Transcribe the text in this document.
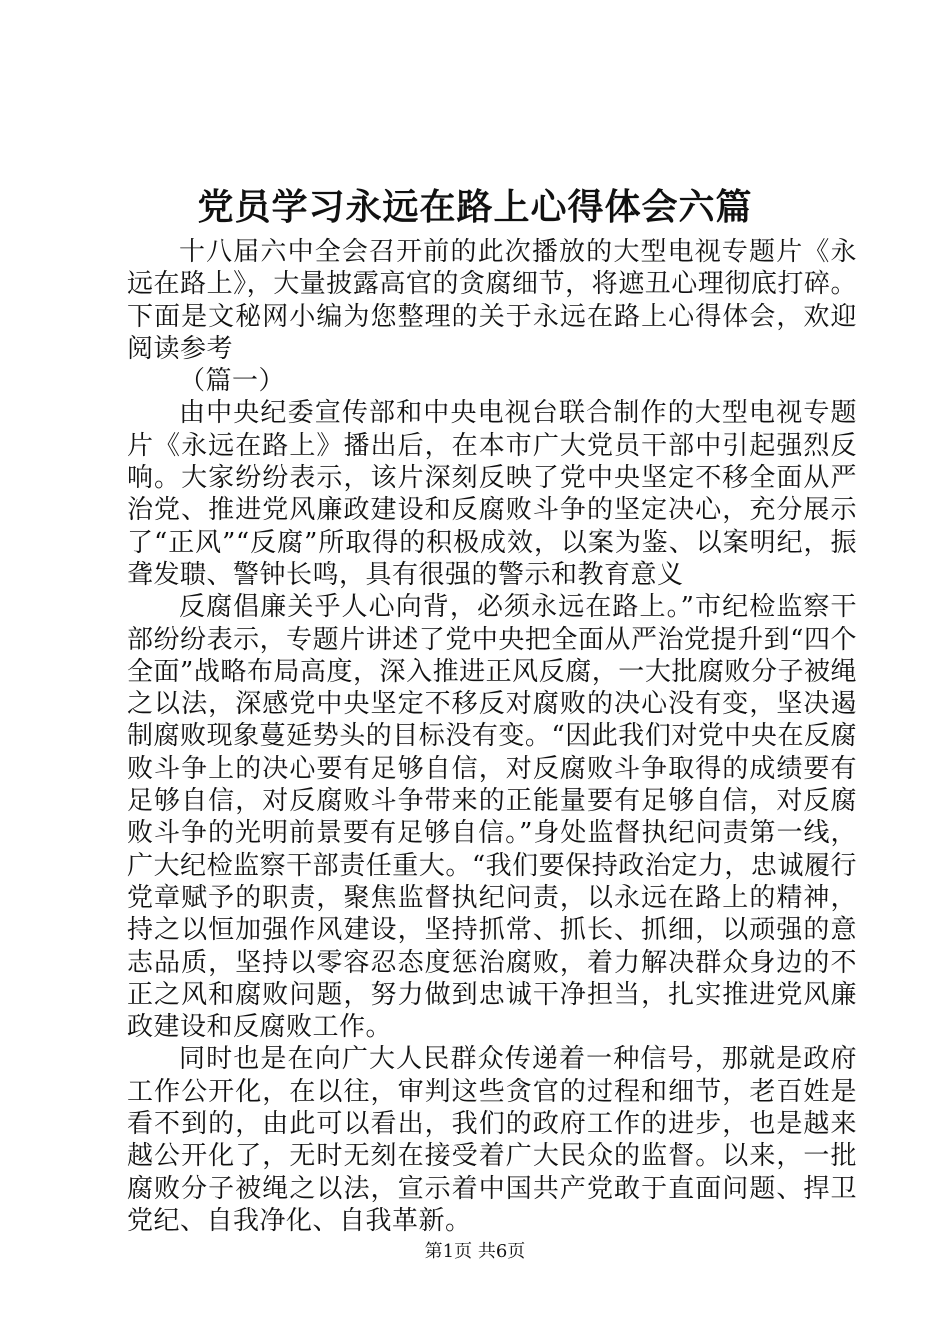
党员学习永远在路上心得体会六篇

十八届六中全会召开前的此次播放的大型电视专题片《永远在路上》，大量披露高官的贪腐细节，将遮丑心理彻底打碎。下面是文秘网小编为您整理的关于永远在路上心得体会，欢迎阅读参考

（篇一）

由中央纪委宣传部和中央电视台联合制作的大型电视专题片《永远在路上》播出后，在本市广大党员干部中引起强烈反响。大家纷纷表示，该片深刻反映了党中央坚定不移全面从严治党、推进党风廉政建设和反腐败斗争的坚定决心，充分展示了“正风”“反腐”所取得的积极成效，以案为鉴、以案明纪，振聋发聩、警钟长鸣，具有很强的警示和教育意义

反腐倡廉关乎人心向背，必须永远在路上。”市纪检监察干部纷纷表示，专题片讲述了党中央把全面从严治党提升到“四个全面”战略布局高度，深入推进正风反腐，一大批腐败分子被绳之以法，深感党中央坚定不移反对腐败的决心没有变，坚决遏制腐败现象蔓延势头的目标没有变。“因此我们对党中央在反腐败斗争上的决心要有足够自信，对反腐败斗争取得的成绩要有足够自信，对反腐败斗争带来的正能量要有足够自信，对反腐败斗争的光明前景要有足够自信。”身处监督执纪问责第一线，广大纪检监察干部责任重大。“我们要保持政治定力，忠诚履行党章赋予的职责，聚焦监督执纪问责，以永远在路上的精神，持之以恒加强作风建设，坚持抓常、抓长、抓细，以顽强的意志品质，坚持以零容忍态度惩治腐败，着力解决群众身边的不正之风和腐败问题，努力做到忠诚干净担当，扎实推进党风廉政建设和反腐败工作。

同时也是在向广大人民群众传递着一种信号，那就是政府工作公开化，在以往，审判这些贪官的过程和细节，老百姓是看不到的，由此可以看出，我们的政府工作的进步，也是越来越公开化了，无时无刻在接受着广大民众的监督。以来，一批腐败分子被绳之以法，宣示着中国共产党敢于直面问题、捍卫党纪、自我净化、自我革新。

第1页 共6页
